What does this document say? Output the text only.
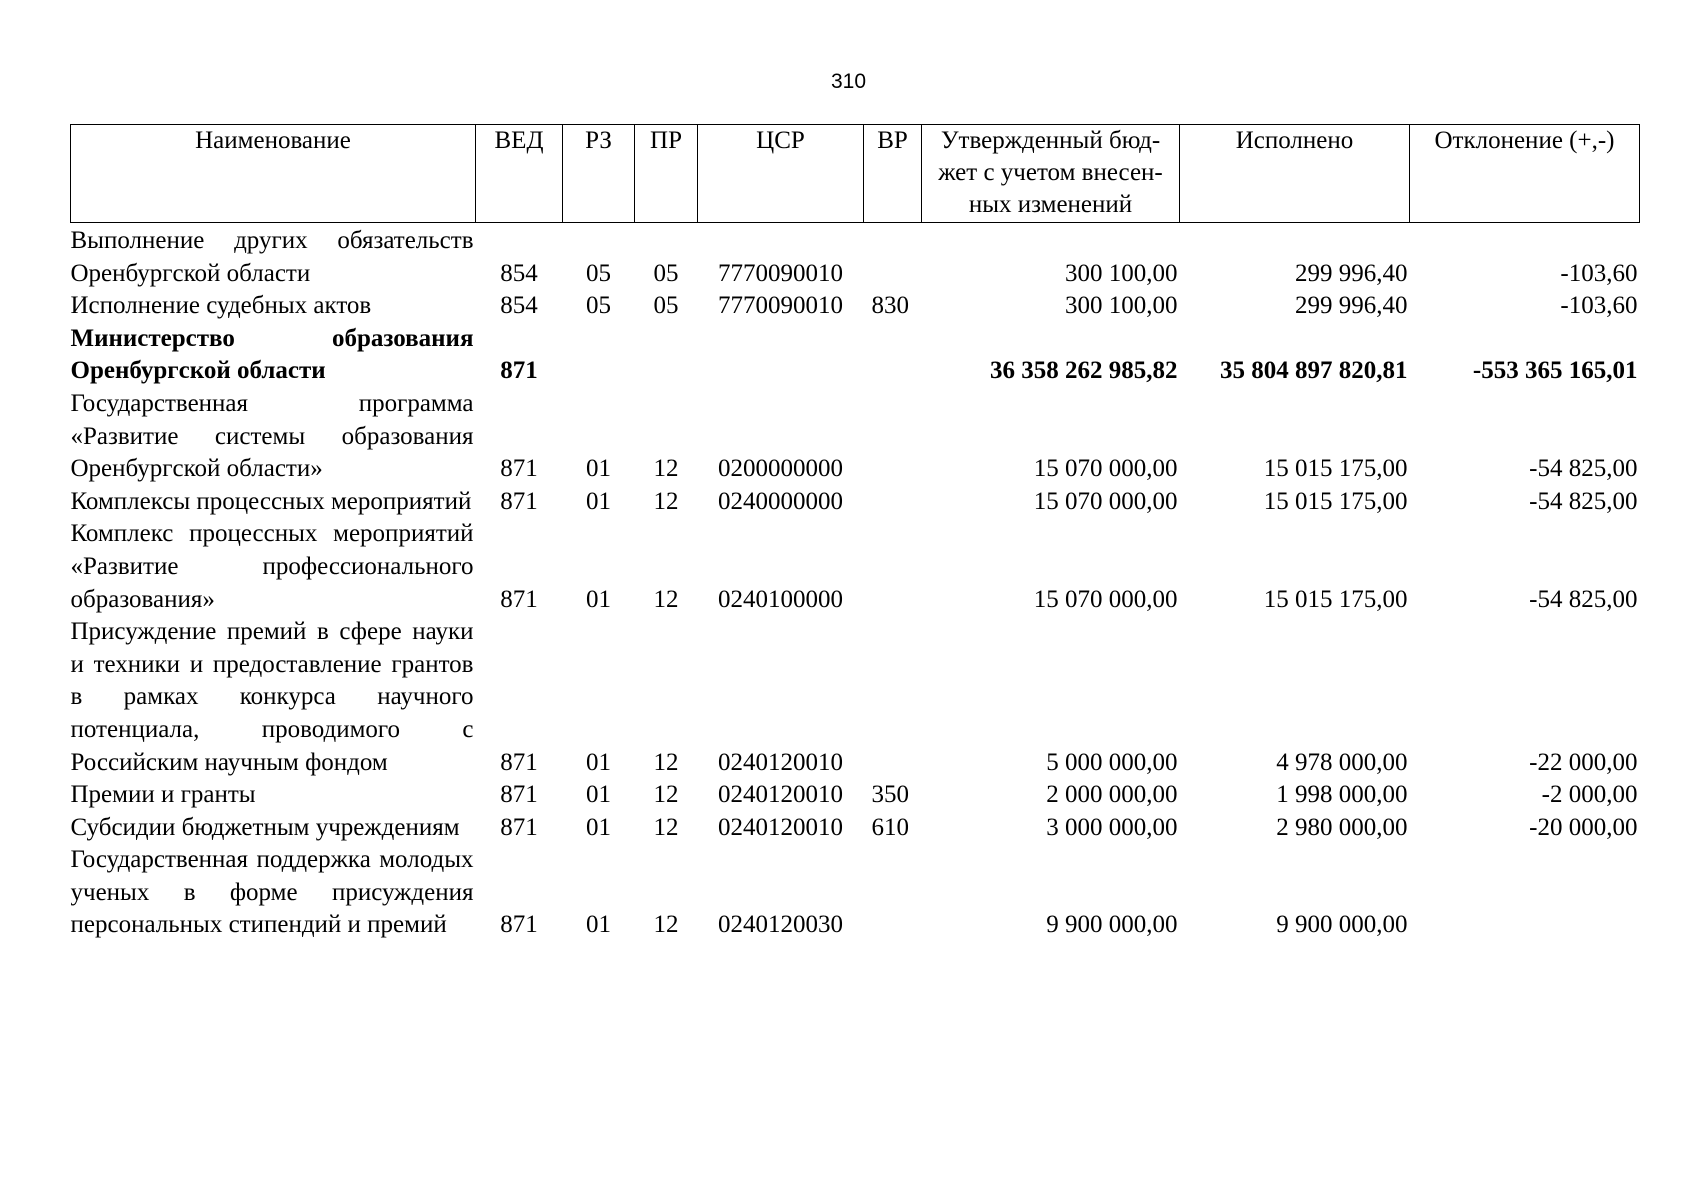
310
Наименование	ВЕД	РЗ	ПР	ЦСР	ВР	Утвержденный бюд-жет с учетом внесен-ных изменений	Исполнено	Отклонение (+,-)
Выполнение других обязательств Оренбургской области	854	05	05	7770090010		300 100,00	299 996,40	-103,60
Исполнение судебных актов	854	05	05	7770090010	830	300 100,00	299 996,40	-103,60
Министерство образования Оренбургской области	871					36 358 262 985,82	35 804 897 820,81	-553 365 165,01
Государственная программа «Развитие системы образования Оренбургской области»	871	01	12	0200000000		15 070 000,00	15 015 175,00	-54 825,00
Комплексы процессных мероприятий	871	01	12	0240000000		15 070 000,00	15 015 175,00	-54 825,00
Комплекс процессных мероприятий «Развитие профессионального образования»	871	01	12	0240100000		15 070 000,00	15 015 175,00	-54 825,00
Присуждение премий в сфере науки и техники и предоставление грантов в рамках конкурса научного потенциала, проводимого с Российским научным фондом	871	01	12	0240120010		5 000 000,00	4 978 000,00	-22 000,00
Премии и гранты	871	01	12	0240120010	350	2 000 000,00	1 998 000,00	-2 000,00
Субсидии бюджетным учреждениям	871	01	12	0240120010	610	3 000 000,00	2 980 000,00	-20 000,00
Государственная поддержка молодых ученых в форме присуждения персональных стипендий и премий	871	01	12	0240120030		9 900 000,00	9 900 000,00	
